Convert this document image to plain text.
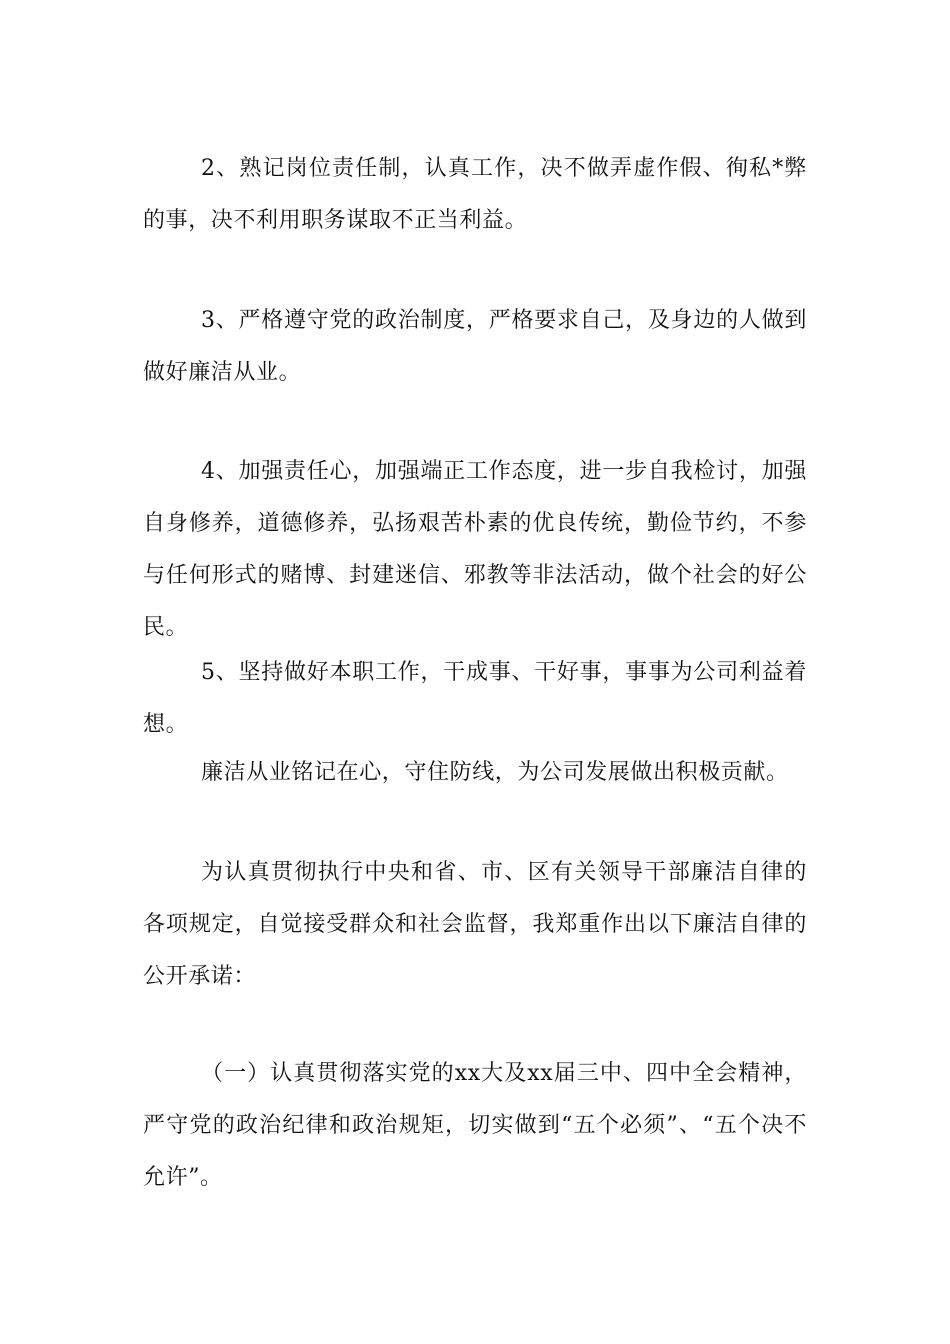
2、熟记岗位责任制，认真工作，决不做弄虚作假、徇私*弊的事，决不利用职务谋取不正当利益。

3、严格遵守党的政治制度，严格要求自己，及身边的人做到做好廉洁从业。

4、加强责任心，加强端正工作态度，进一步自我检讨，加强自身修养，道德修养，弘扬艰苦朴素的优良传统，勤俭节约，不参与任何形式的赌博、封建迷信、邪教等非法活动，做个社会的好公民。

5、坚持做好本职工作，干成事、干好事，事事为公司利益着想。

廉洁从业铭记在心，守住防线，为公司发展做出积极贡献。

为认真贯彻执行中央和省、市、区有关领导干部廉洁自律的各项规定，自觉接受群众和社会监督，我郑重作出以下廉洁自律的公开承诺：

（一）认真贯彻落实党的xx大及xx届三中、四中全会精神，严守党的政治纪律和政治规矩，切实做到“五个必须”、“五个决不允许”。
